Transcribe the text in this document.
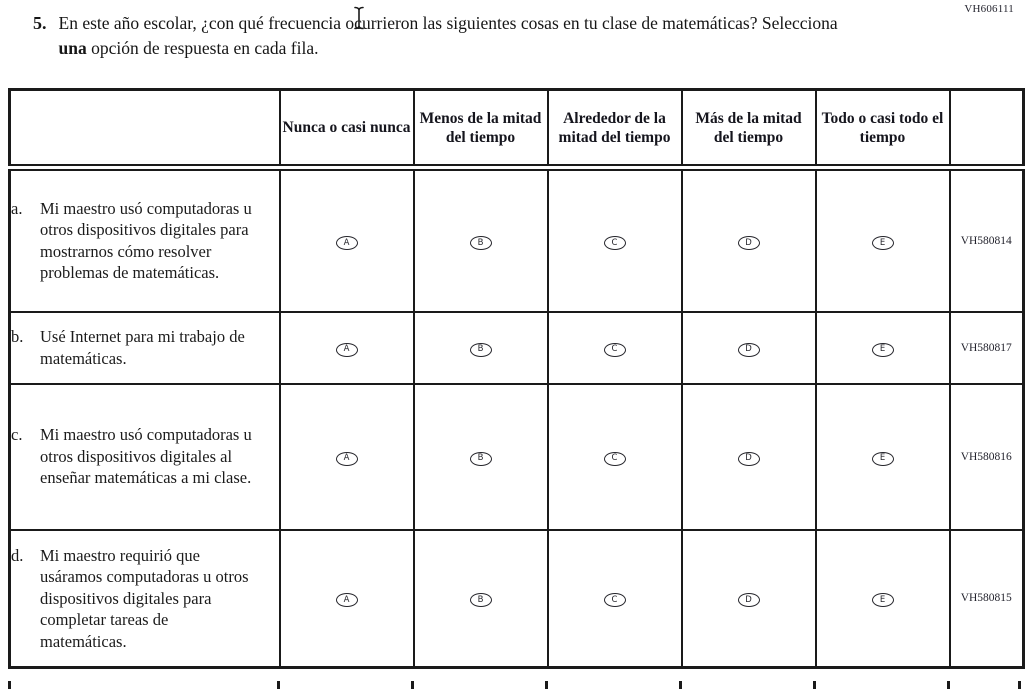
VH606111
5. En este año escolar, ¿con qué frecuencia ocurrieron las siguientes cosas en tu clase de matemáticas? Selecciona una opción de respuesta en cada fila.
	Nunca o casi nunca	Menos de la mitad del tiempo	Alrededor de la mitad del tiempo	Más de la mitad del tiempo	Todo o casi todo el tiempo	

a. Mi maestro usó computadoras u otros dispositivos digitales para mostrarnos cómo resolver problemas de matemáticas.	A	B	C	D	E	VH580814

b. Usé Internet para mi trabajo de matemáticas.	A	B	C	D	E	VH580817

c. Mi maestro usó computadoras u otros dispositivos digitales al enseñar matemáticas a mi clase.	A	B	C	D	E	VH580816

d. Mi maestro requirió que usáramos computadoras u otros dispositivos digitales para completar tareas de matemáticas.	A	B	C	D	E	VH580815
